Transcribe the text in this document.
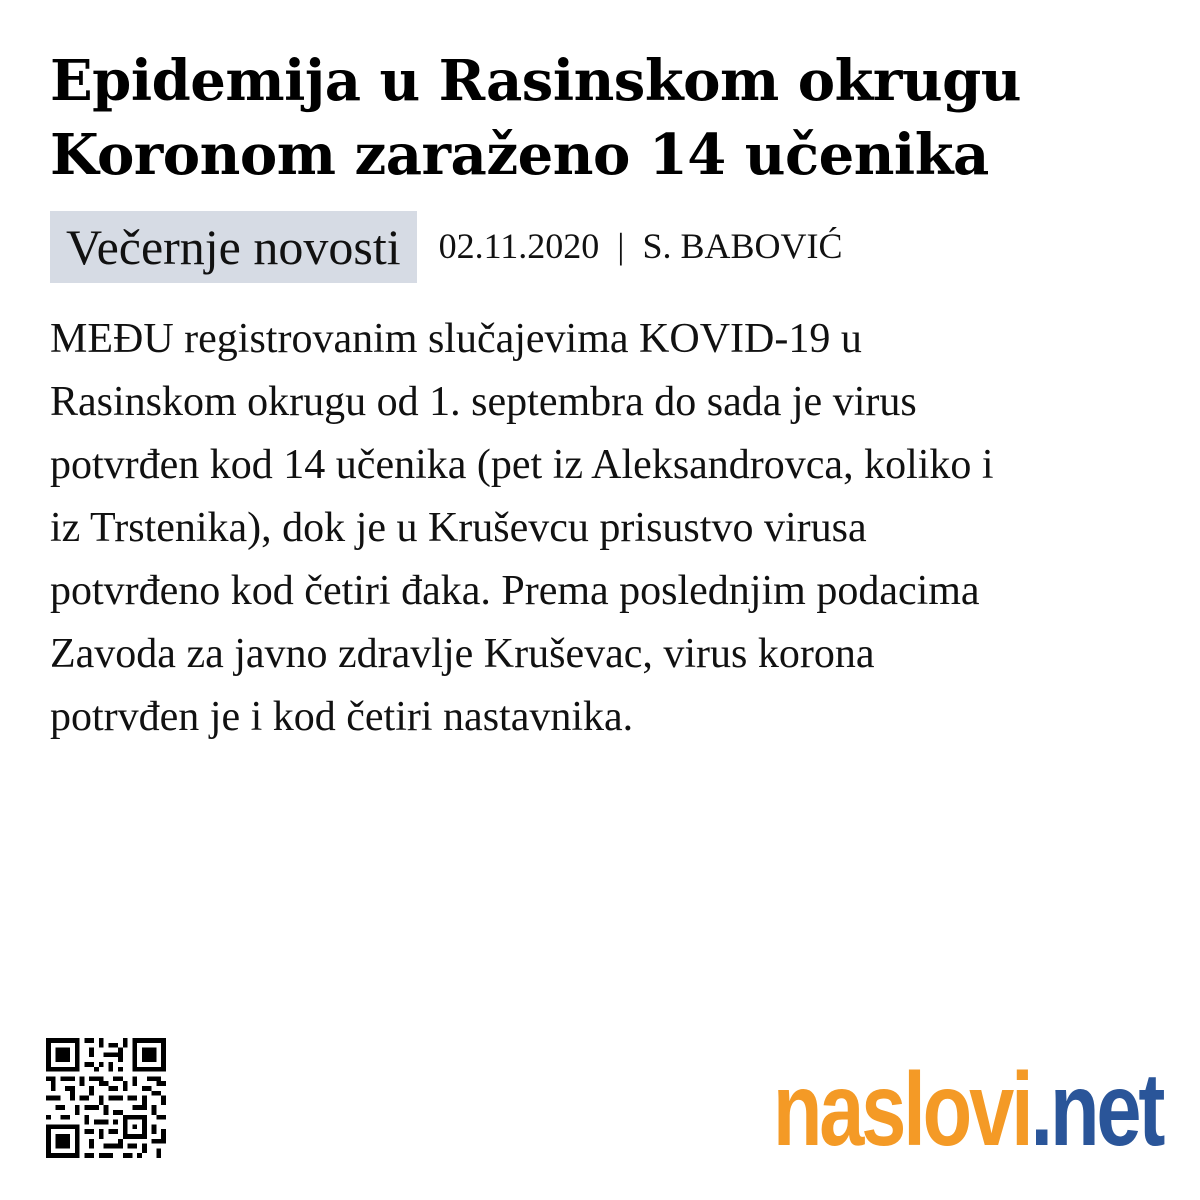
Epidemija u Rasinskom okrugu
Koronom zaraženo 14 učenika
Večernje novosti	02.11.2020 | S. BABOVIĆ

MEĐU registrovanim slučajevima KOVID-19 u
Rasinskom okrugu od 1. septembra do sada je virus
potvrđen kod 14 učenika (pet iz Aleksandrovca, koliko i
iz Trstenika), dok je u Kruševcu prisustvo virusa
potvrđeno kod četiri đaka. Prema poslednjim podacima
Zavoda za javno zdravlje Kruševac, virus korona
potrvđen je i kod četiri nastavnika.

naslovi.net
